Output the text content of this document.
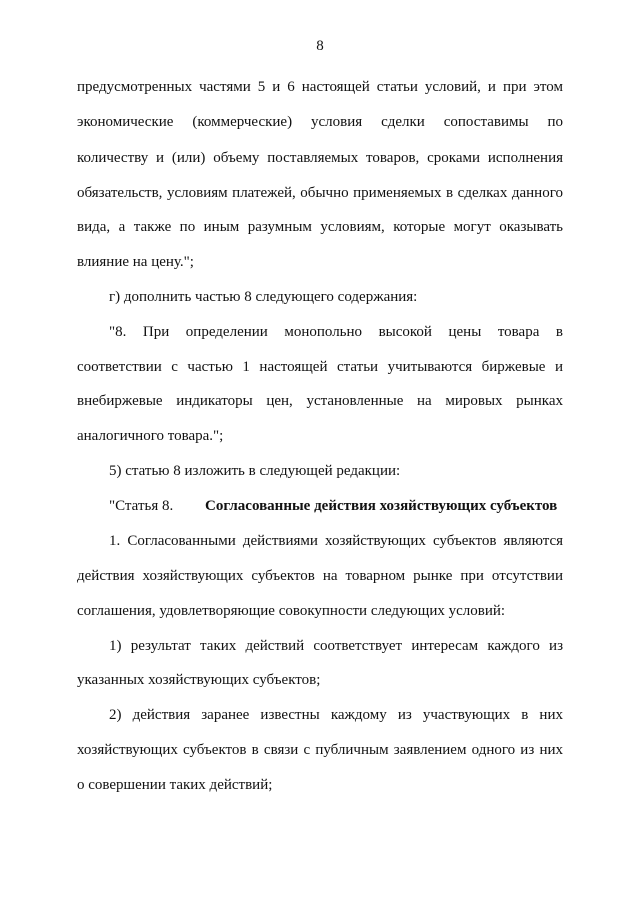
8
предусмотренных частями 5 и 6 настоящей статьи условий, и при этом
экономические (коммерческие) условия сделки сопоставимы по
количеству и (или) объему поставляемых товаров, сроками исполнения
обязательств, условиям платежей, обычно применяемых в сделках данного
вида, а также по иным разумным условиям, которые могут оказывать
влияние на цену.";
г) дополнить частью 8 следующего содержания:
"8. При определении монопольно высокой цены товара в
соответствии с частью 1 настоящей статьи учитываются биржевые и
внебиржевые индикаторы цен, установленные на мировых рынках
аналогичного товара.";
5) статью 8 изложить в следующей редакции:
"Статья 8. Согласованные действия хозяйствующих субъектов
1. Согласованными действиями хозяйствующих субъектов являются
действия хозяйствующих субъектов на товарном рынке при отсутствии
соглашения, удовлетворяющие совокупности следующих условий:
1) результат таких действий соответствует интересам каждого из
указанных хозяйствующих субъектов;
2) действия заранее известны каждому из участвующих в них
хозяйствующих субъектов в связи с публичным заявлением одного из них
о совершении таких действий;
